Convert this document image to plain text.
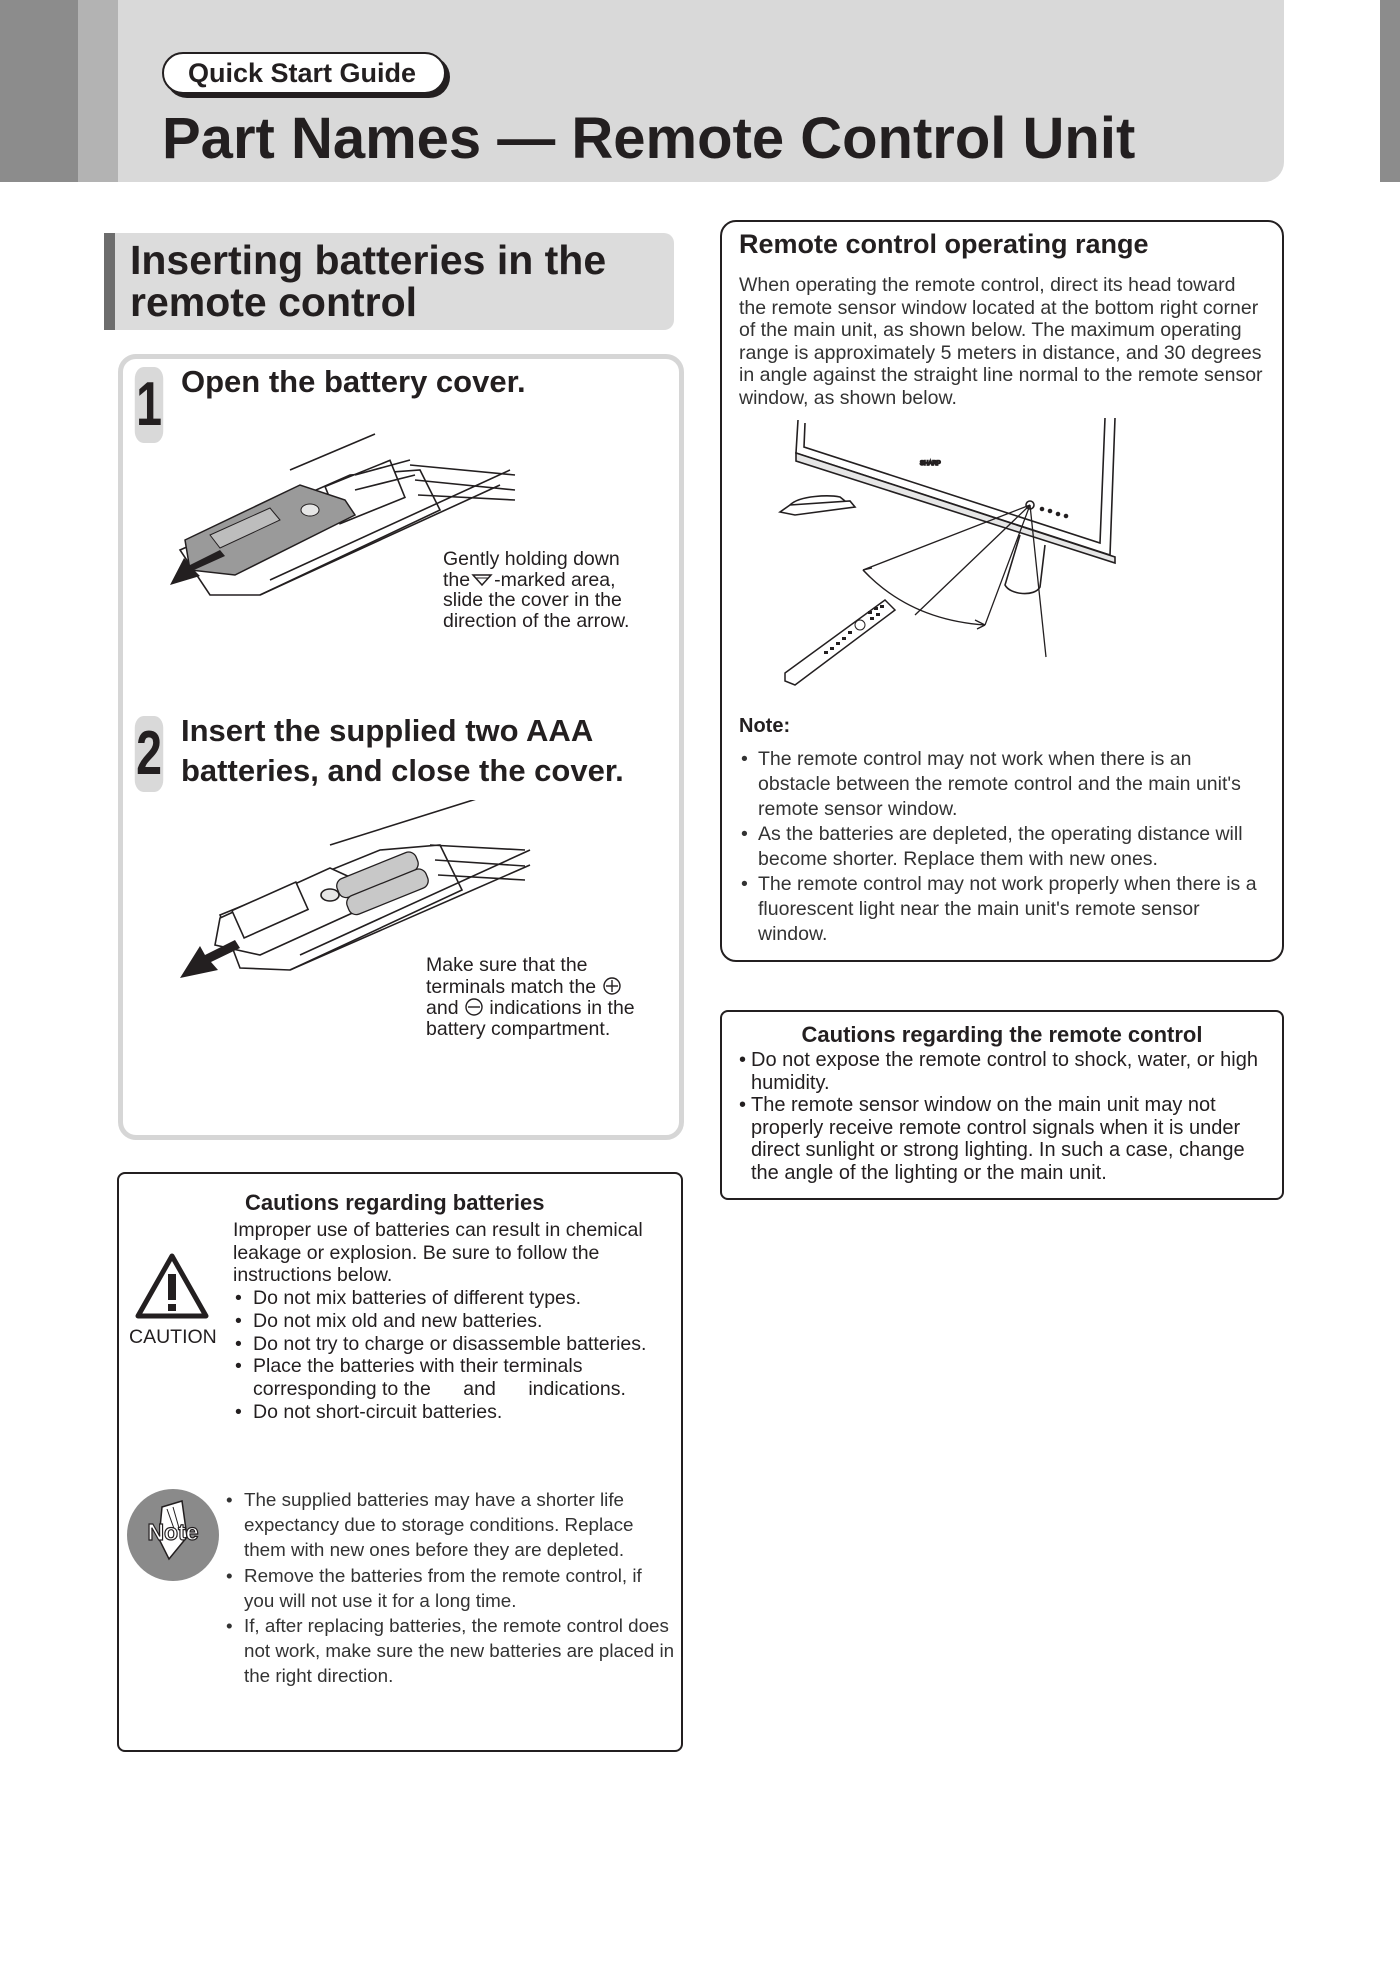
Quick Start Guide
Part Names — Remote Control Unit
Inserting batteries in the
remote control
1 Open the battery cover.
Gently holding down
the -marked area,
slide the cover in the
direction of the arrow.
2 Insert the supplied two AAA
batteries, and close the cover.
Make sure that the
terminals match the
and indications in the
battery compartment.
Cautions regarding batteries
CAUTION
Improper use of batteries can result in chemical leakage or explosion. Be sure to follow the instructions below.
• Do not mix batteries of different types.
• Do not mix old and new batteries.
• Do not try to charge or disassemble batteries.
• Place the batteries with their terminals corresponding to the      and      indications.
• Do not short-circuit batteries.
Note
• The supplied batteries may have a shorter life expectancy due to storage conditions. Replace them with new ones before they are depleted.
• Remove the batteries from the remote control, if you will not use it for a long time.
• If, after replacing batteries, the remote control does not work, make sure the new batteries are placed in the right direction.
Remote control operating range
When operating the remote control, direct its head toward the remote sensor window located at the bottom right corner of the main unit, as shown below. The maximum operating range is approximately 5 meters in distance, and 30 degrees in angle against the straight line normal to the remote sensor window, as shown below.
SHARP
Note:
• The remote control may not work when there is an obstacle between the remote control and the main unit's remote sensor window.
• As the batteries are depleted, the operating distance will become shorter. Replace them with new ones.
• The remote control may not work properly when there is a fluorescent light near the main unit's remote sensor window.
Cautions regarding the remote control
• Do not expose the remote control to shock, water, or high humidity.
• The remote sensor window on the main unit may not properly receive remote control signals when it is under direct sunlight or strong lighting. In such a case, change the angle of the lighting or the main unit.
